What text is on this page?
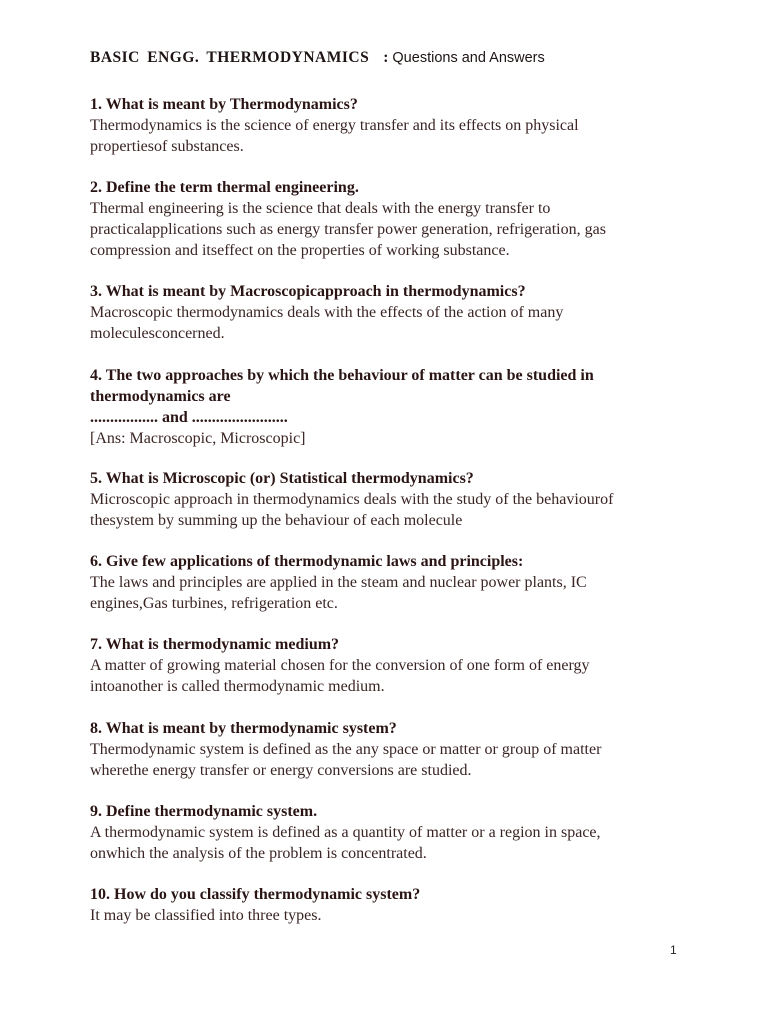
BASIC ENGG. THERMODYNAMICS : Questions and Answers
1. What is meant by Thermodynamics?
Thermodynamics is the science of energy transfer and its effects on physical
propertiesof substances.
2. Define the term thermal engineering.
Thermal engineering is the science that deals with the energy transfer to
practicalapplications such as energy transfer power generation, refrigeration, gas
compression and itseffect on the properties of working substance.
3. What is meant by Macroscopicapproach in thermodynamics?
Macroscopic thermodynamics deals with the effects of the action of many
moleculesconcerned.
4. The two approaches by which the behaviour of matter can be studied in
thermodynamics are
................. and ........................
[Ans: Macroscopic, Microscopic]
5. What is Microscopic (or) Statistical thermodynamics?
Microscopic approach in thermodynamics deals with the study of the behaviourof
thesystem by summing up the behaviour of each molecule
6. Give few applications of thermodynamic laws and principles:
The laws and principles are applied in the steam and nuclear power plants, IC
engines,Gas turbines, refrigeration etc.
7. What is thermodynamic medium?
A matter of growing material chosen for the conversion of one form of energy
intoanother is called thermodynamic medium.
8. What is meant by thermodynamic system?
Thermodynamic system is defined as the any space or matter or group of matter
wherethe energy transfer or energy conversions are studied.
9. Define thermodynamic system.
A thermodynamic system is defined as a quantity of matter or a region in space,
onwhich the analysis of the problem is concentrated.
10. How do you classify thermodynamic system?
It may be classified into three types.
1
